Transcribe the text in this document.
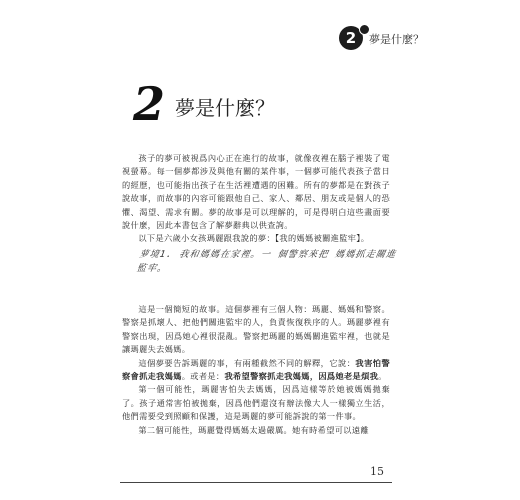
2	夢是什麼？
2 夢是什麼？

孩子的夢可被視爲內心正在進行的故事，就像夜裡在腦子裡裝了電視螢幕。每一個夢都涉及與他有關的某件事，一個夢可能代表孩子當日的經歷，也可能指出孩子在生活裡遭遇的困難。所有的夢都是在對孩子說故事，而故事的內容可能跟他自己、家人、鄰居、朋友或是個人的恐懼、渴望、需求有關。夢的故事是可以理解的，可是得明白這些畫面要說什麼，因此本書包含了解夢辭典以供查詢。

以下是六歲小女孩瑪麗跟我說的夢：【我的媽媽被關進監牢】。

萝境1. 我和媽媽在家裡。一 個警察來把 媽媽抓走關進監牢。

這是一個簡短的故事。這個夢裡有三個人物：瑪麗、媽媽和警察。警察是抓壞人、把他們關進監牢的人，負責恢復秩序的人。瑪麗夢裡有警察出現，因爲她心裡很混亂。警察把瑪麗的媽媽關進監牢裡，也就是讓瑪麗失去媽媽。

這個夢要告訴瑪麗的事，有兩種截然不同的解釋，它說：我害怕警察會抓走我媽媽。或者是：我希望警察抓走我媽媽，因爲她老是煩我。

第一個可能性，瑪麗害怕失去媽媽，因爲這樣等於她被媽媽拋棄了。孩子通常害怕被拋棄，因爲他們還沒有辦法像大人一樣獨立生活，他們需要受到照顧和保護，這是瑪麗的夢可能訴說的第一件事。

第二個可能性，瑪麗覺得媽媽太過嚴厲。她有時希望可以遠離

15
